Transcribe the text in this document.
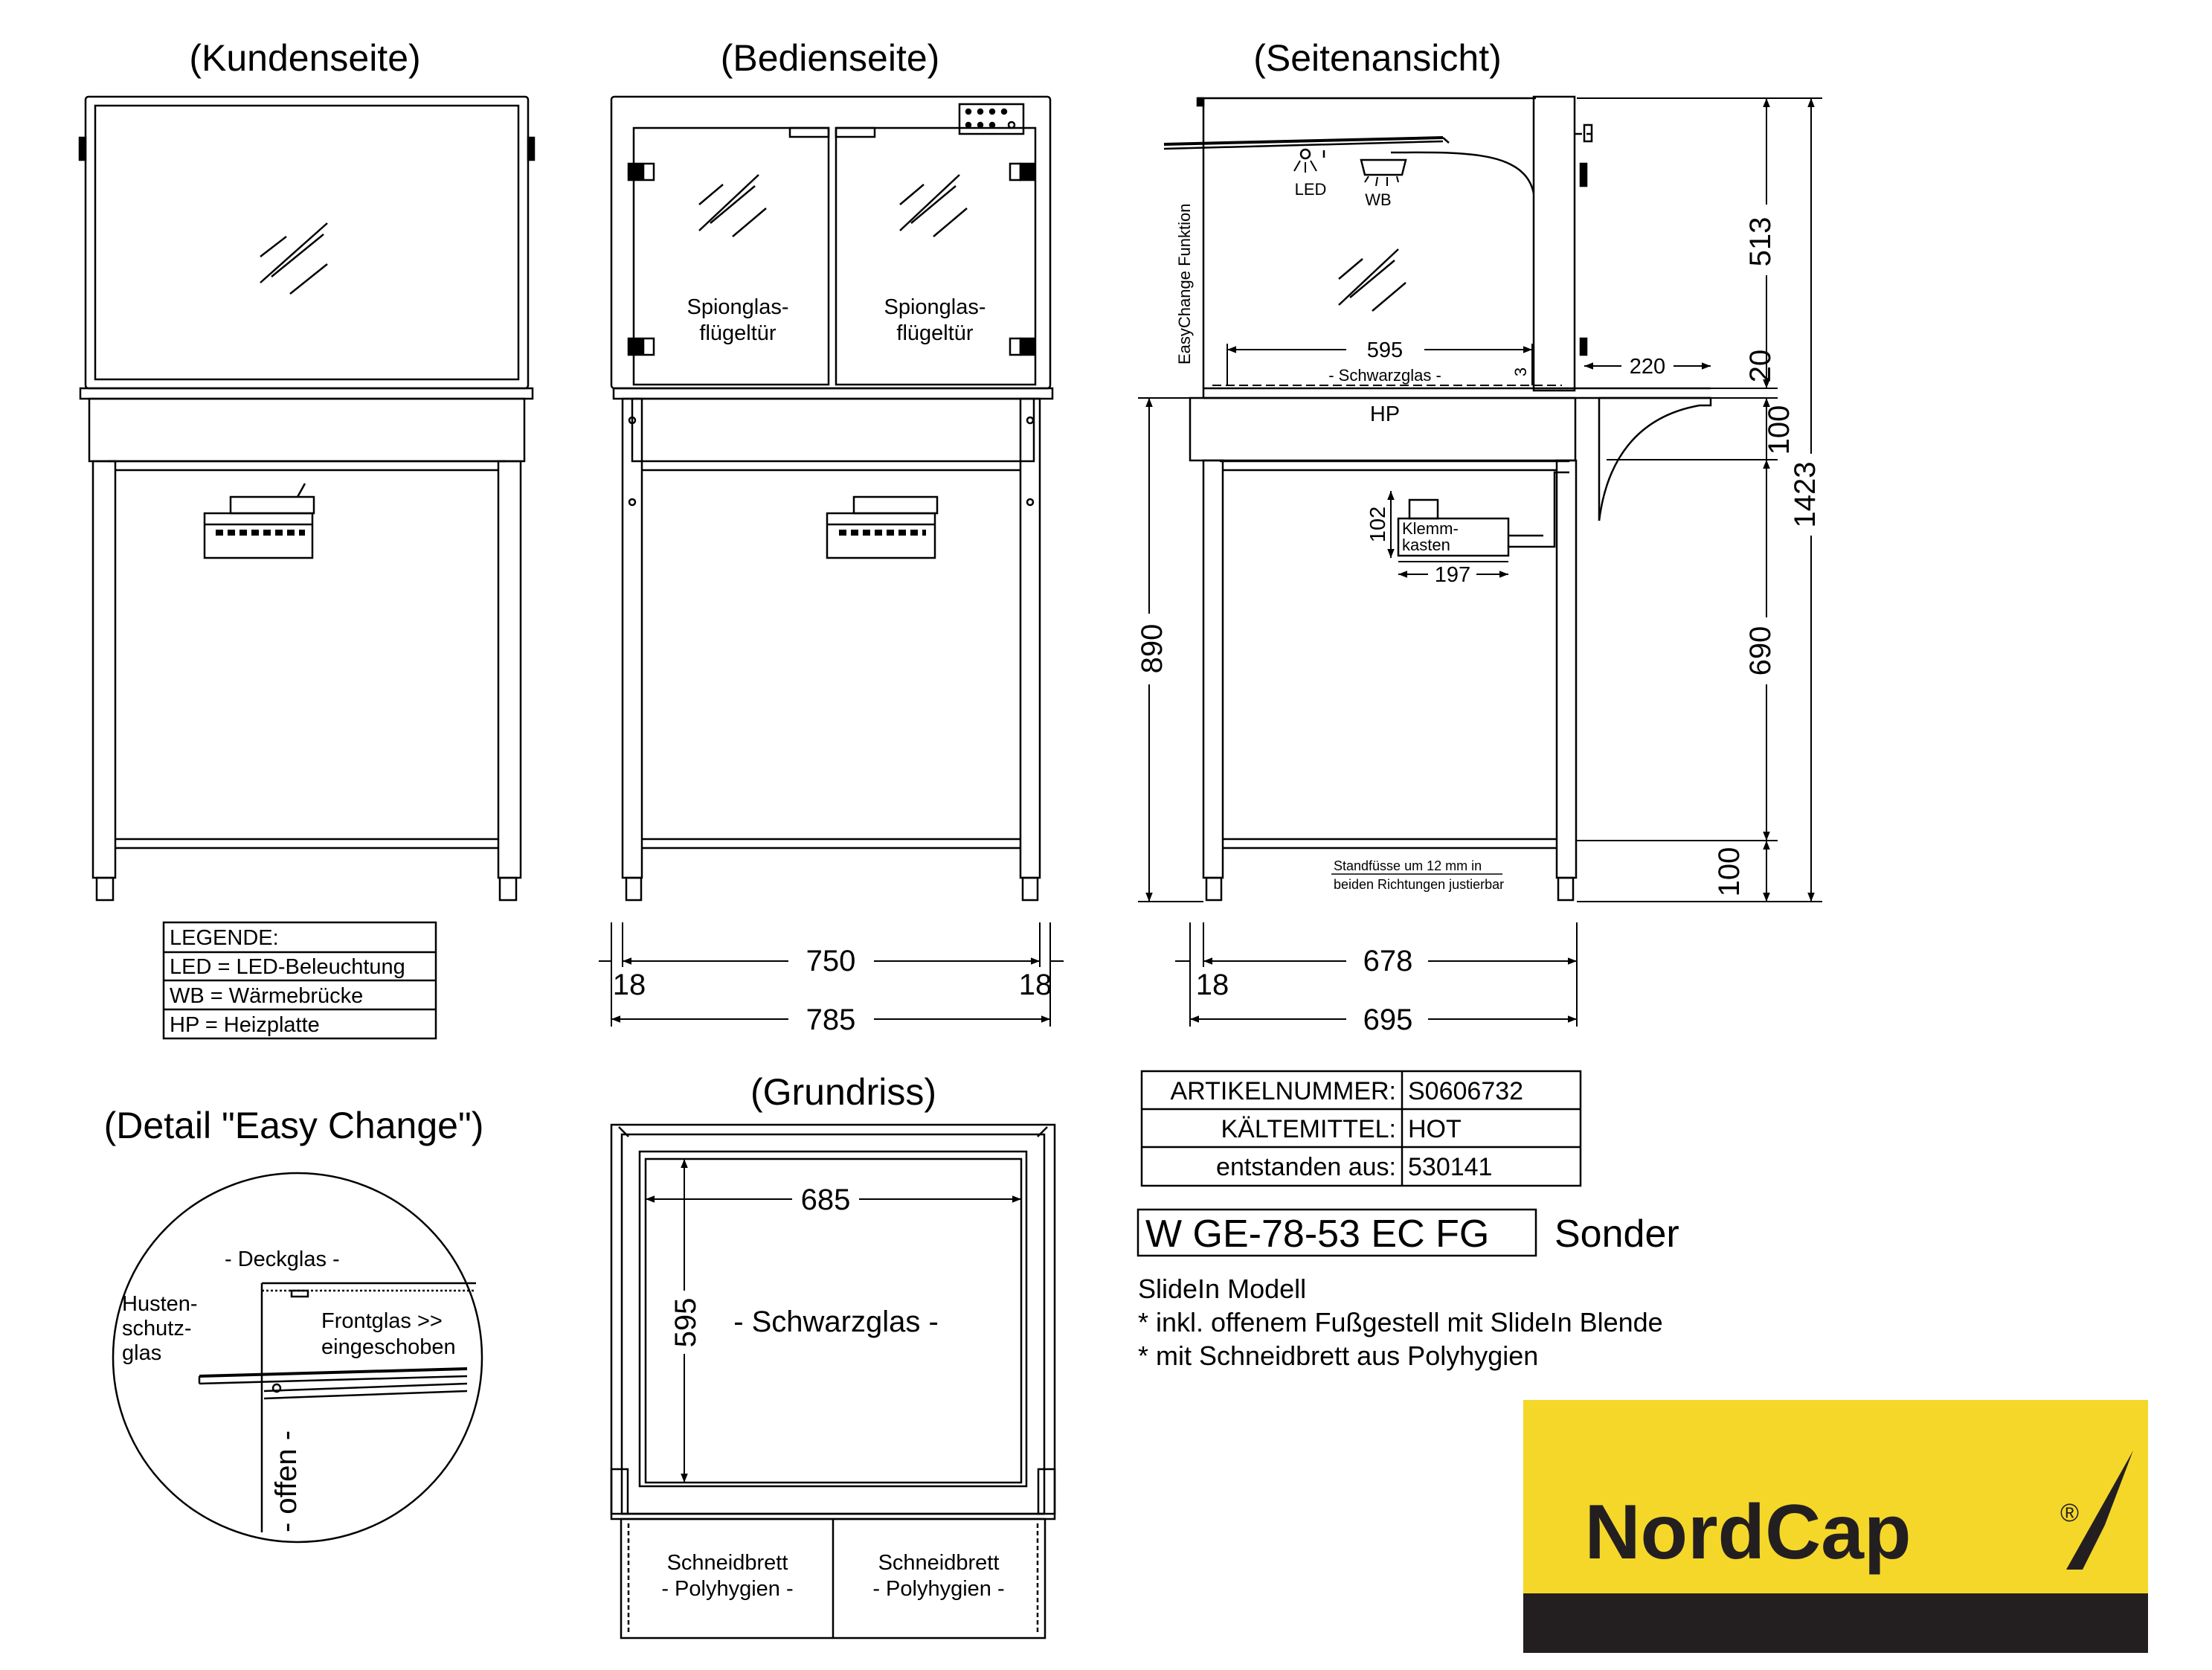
(Kundenseite)	(Bedienseite)	(Seitenansicht)
(Grundriss)
(Detail "Easy Change")
Spionglas-
flügeltür
Spionglas-
flügeltür
750
18	18
785
LED
WB
EasyChange Funktion
Klemm-
kasten
102
197
595
220
- Schwarzglas -
HP
3
Standfüsse um 12 mm in
beiden Richtungen justierbar
513
20
100
690
100
1423
890
678
18
695
LEGENDE:
LED = LED-Beleuchtung
WB = Wärmebrücke
HP = Heizplatte
- Deckglas -
Husten-
schutz-
glas
Frontglas >>
eingeschoben
- offen -
685
595 - Schwarzglas -
Schneidbrett
- Polyhygien -
Schneidbrett
- Polyhygien -
ARTIKELNUMMER: S0606732
KÄLTEMITTEL: HOT
entstanden aus: 530141
W GE-78-53 EC FG Sonder
SlideIn Modell
* inkl. offenem Fußgestell mit SlideIn Blende
* mit Schneidbrett aus Polyhygien
NordCap	®
